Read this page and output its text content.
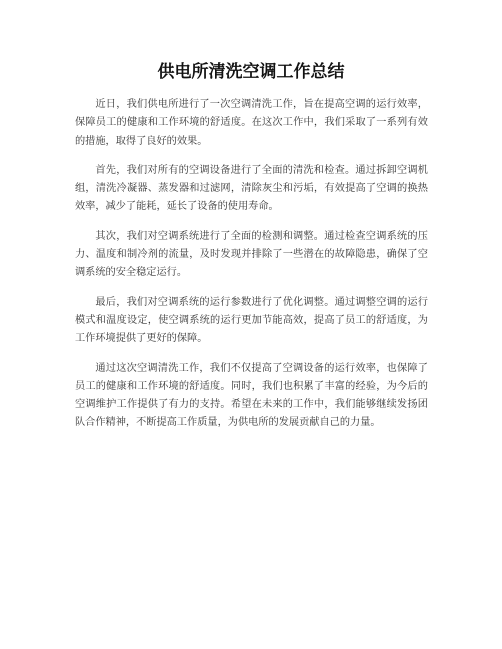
供电所清洗空调工作总结

近日，我们供电所进行了一次空调清洗工作，旨在提高空调的运行效率，保障员工的健康和工作环境的舒适度。在这次工作中，我们采取了一系列有效的措施，取得了良好的效果。

首先，我们对所有的空调设备进行了全面的清洗和检查。通过拆卸空调机组，清洗冷凝器、蒸发器和过滤网，清除灰尘和污垢，有效提高了空调的换热效率，减少了能耗，延长了设备的使用寿命。

其次，我们对空调系统进行了全面的检测和调整。通过检查空调系统的压力、温度和制冷剂的流量，及时发现并排除了一些潜在的故障隐患，确保了空调系统的安全稳定运行。

最后，我们对空调系统的运行参数进行了优化调整。通过调整空调的运行模式和温度设定，使空调系统的运行更加节能高效，提高了员工的舒适度，为工作环境提供了更好的保障。

通过这次空调清洗工作，我们不仅提高了空调设备的运行效率，也保障了员工的健康和工作环境的舒适度。同时，我们也积累了丰富的经验，为今后的空调维护工作提供了有力的支持。希望在未来的工作中，我们能够继续发扬团队合作精神，不断提高工作质量，为供电所的发展贡献自己的力量。
